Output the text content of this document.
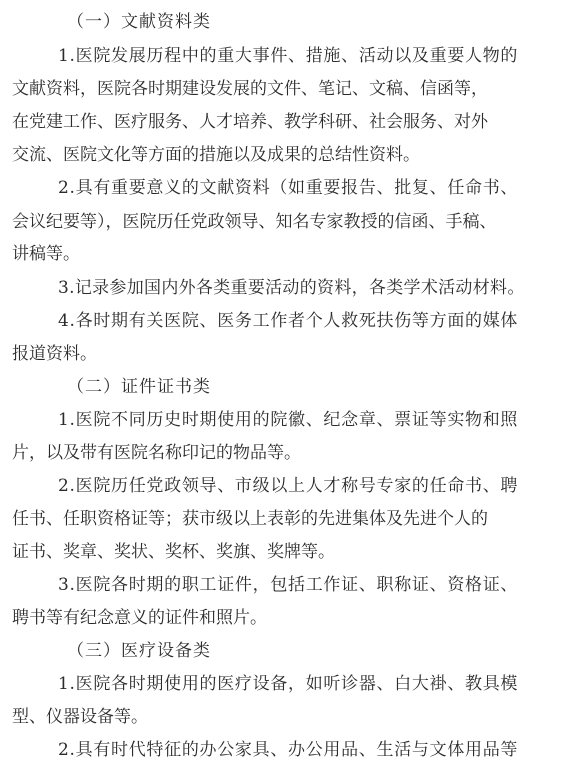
（一）文献资料类
1.医院发展历程中的重大事件、措施、活动以及重要人物的
文献资料，医院各时期建设发展的文件、笔记、文稿、信函等，
在党建工作、医疗服务、人才培养、教学科研、社会服务、对外
交流、医院文化等方面的措施以及成果的总结性资料。
2.具有重要意义的文献资料（如重要报告、批复、任命书、
会议纪要等），医院历任党政领导、知名专家教授的信函、手稿、
讲稿等。
3.记录参加国内外各类重要活动的资料，各类学术活动材料。
4.各时期有关医院、医务工作者个人救死扶伤等方面的媒体
报道资料。
（二）证件证书类
1.医院不同历史时期使用的院徽、纪念章、票证等实物和照
片，以及带有医院名称印记的物品等。
2.医院历任党政领导、市级以上人才称号专家的任命书、聘
任书、任职资格证等；获市级以上表彰的先进集体及先进个人的
证书、奖章、奖状、奖杯、奖旗、奖牌等。
3.医院各时期的职工证件，包括工作证、职称证、资格证、
聘书等有纪念意义的证件和照片。
（三）医疗设备类
1.医院各时期使用的医疗设备，如听诊器、白大褂、教具模
型、仪器设备等。
2.具有时代特征的办公家具、办公用品、生活与文体用品等
